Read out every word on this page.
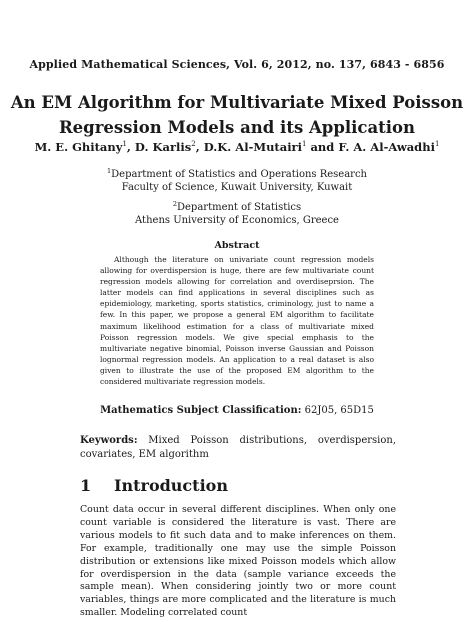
Applied Mathematical Sciences, Vol. 6, 2012, no. 137, 6843 - 6856
An EM Algorithm for Multivariate Mixed Poisson
Regression Models and its Application
M. E. Ghitany$^1$, D. Karlis$^2$, D.K. Al-Mutairi$^1$ and F. A. Al-Awadhi$^1$
$^1$Department of Statistics and Operations Research
Faculty of Science, Kuwait University, Kuwait
$^2$Department of Statistics
Athens University of Economics, Greece
Abstract

Although the literature on univariate count regression models allowing for overdispersion is huge, there are few multivariate count regression models allowing for correlation and overdiseprsion. The latter models can find applications in several disciplines such as epidemiology, marketing, sports statistics, criminology, just to name a few. In this paper, we propose a general EM algorithm to facilitate maximum likelihood estimation for a class of multivariate mixed Poisson regression models. We give special emphasis to the multivariate negative binomial, Poisson inverse Gaussian and Poisson lognormal regression models. An application to a real dataset is also given to illustrate the use of the proposed EM algorithm to the considered multivariate regression models.

Mathematics Subject Classification: 62J05, 65D15

Keywords: Mixed Poisson distributions, overdispersion, covariates, EM algorithm

1 Introduction

Count data occur in several different disciplines. When only one count variable is considered the literature is vast. There are various models to fit such data and to make inferences on them. For example, traditionally one may use the simple Poisson distribution or extensions like mixed Poisson models which allow for overdispersion in the data (sample variance exceeds the sample mean). When considering jointly two or more count variables, things are more complicated and the literature is much smaller. Modeling correlated count
